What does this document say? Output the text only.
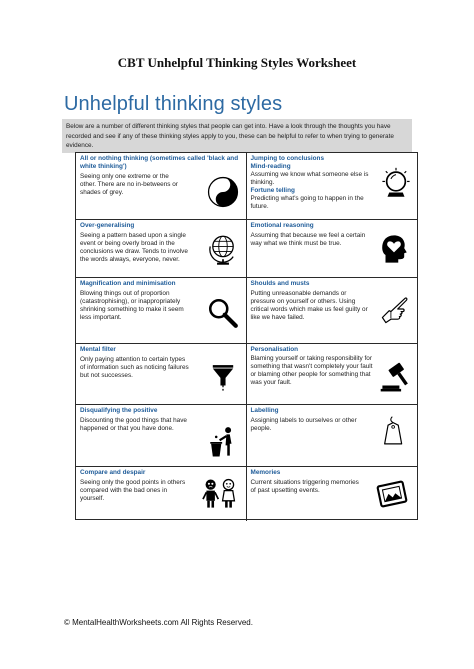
CBT Unhelpful Thinking Styles Worksheet
Unhelpful thinking styles
Below are a number of different thinking styles that people can get into. Have a look through the thoughts you have recorded and see if any of these thinking styles apply to you, these can be helpful to refer to when trying to generate evidence.
All or nothing thinking (sometimes called 'black and white thinking')
Seeing only one extreme or the other. There are no in-betweens or shades of grey.
Jumping to conclusions
Mind-reading
Assuming we know what someone else is thinking.
Fortune telling
Predicting what's going to happen in the future.
Over-generalising
Seeing a pattern based upon a single event or being overly broad in the conclusions we draw. Tends to involve the words always, everyone, never.
Emotional reasoning
Assuming that because we feel a certain way what we think must be true.
Magnification and minimisation
Blowing things out of proportion (catastrophising), or inappropriately shrinking something to make it seem less important.
Shoulds and musts
Putting unreasonable demands or pressure on yourself or others. Using critical words which make us feel guilty or like we have failed.
Mental filter
Only paying attention to certain types of information such as noticing failures but not successes.
Personalisation
Blaming yourself or taking responsibility for something that wasn't completely your fault or blaming other people for something that was your fault.
Disqualifying the positive
Discounting the good things that have happened or that you have done.
Labelling
Assigning labels to ourselves or other people.
Compare and despair
Seeing only the good points in others compared with the bad ones in yourself.
Memories
Current situations triggering memories of past upsetting events.
© MentalHealthWorksheets.com All Rights Reserved.
